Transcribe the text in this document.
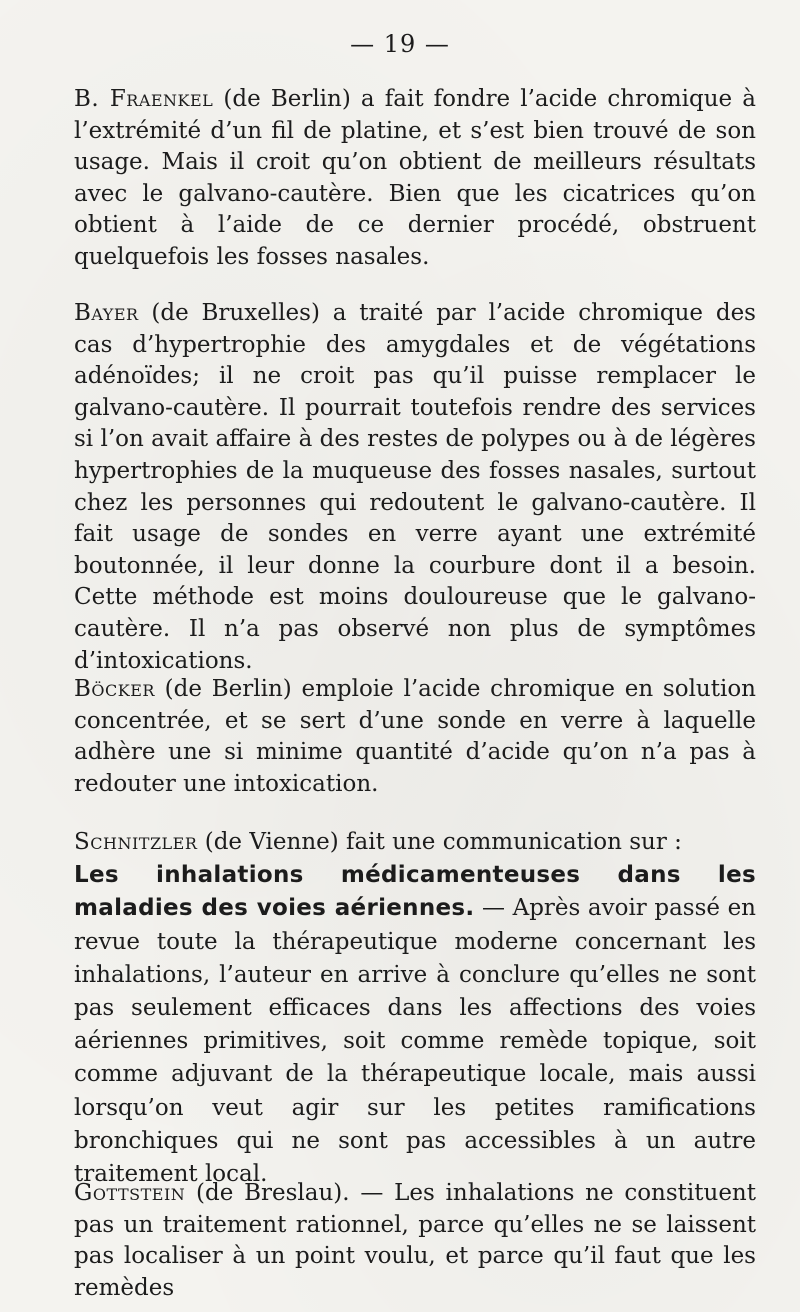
— 19 —

B. Fraenkel (de Berlin) a fait fondre l’acide chromique à l’extrémité d’un fil de platine, et s’est bien trouvé de son usage. Mais il croit qu’on obtient de meilleurs résultats avec le galvano-cautère. Bien que les cicatrices qu’on obtient à l’aide de ce dernier procédé, obstruent quelquefois les fosses nasales.

Bayer (de Bruxelles) a traité par l’acide chromique des cas d’hypertrophie des amygdales et de végétations adénoïdes; il ne croit pas qu’il puisse remplacer le galvano-cautère. Il pourrait toutefois rendre des services si l’on avait affaire à des restes de polypes ou à de légères hypertrophies de la muqueuse des fosses nasales, surtout chez les personnes qui redoutent le galvano-cautère. Il fait usage de sondes en verre ayant une extrémité boutonnée, il leur donne la courbure dont il a besoin. Cette méthode est moins douloureuse que le galvano-cautère. Il n’a pas observé non plus de symptômes d’intoxications.

Böcker (de Berlin) emploie l’acide chromique en solution concentrée, et se sert d’une sonde en verre à laquelle adhère une si minime quantité d’acide qu’on n’a pas à redouter une intoxication.

Schnitzler (de Vienne) fait une communication sur :
Les inhalations médicamenteuses dans les maladies des voies aériennes. — Après avoir passé en revue toute la thérapeutique moderne concernant les inhalations, l’auteur en arrive à conclure qu’elles ne sont pas seulement efficaces dans les affections des voies aériennes primitives, soit comme remède topique, soit comme adjuvant de la thérapeutique locale, mais aussi lorsqu’on veut agir sur les petites ramifications bronchiques qui ne sont pas accessibles à un autre traitement local.

Gottstein (de Breslau). — Les inhalations ne constituent pas un traitement rationnel, parce qu’elles ne se laissent pas localiser à un point voulu, et parce qu’il faut que les remèdes
